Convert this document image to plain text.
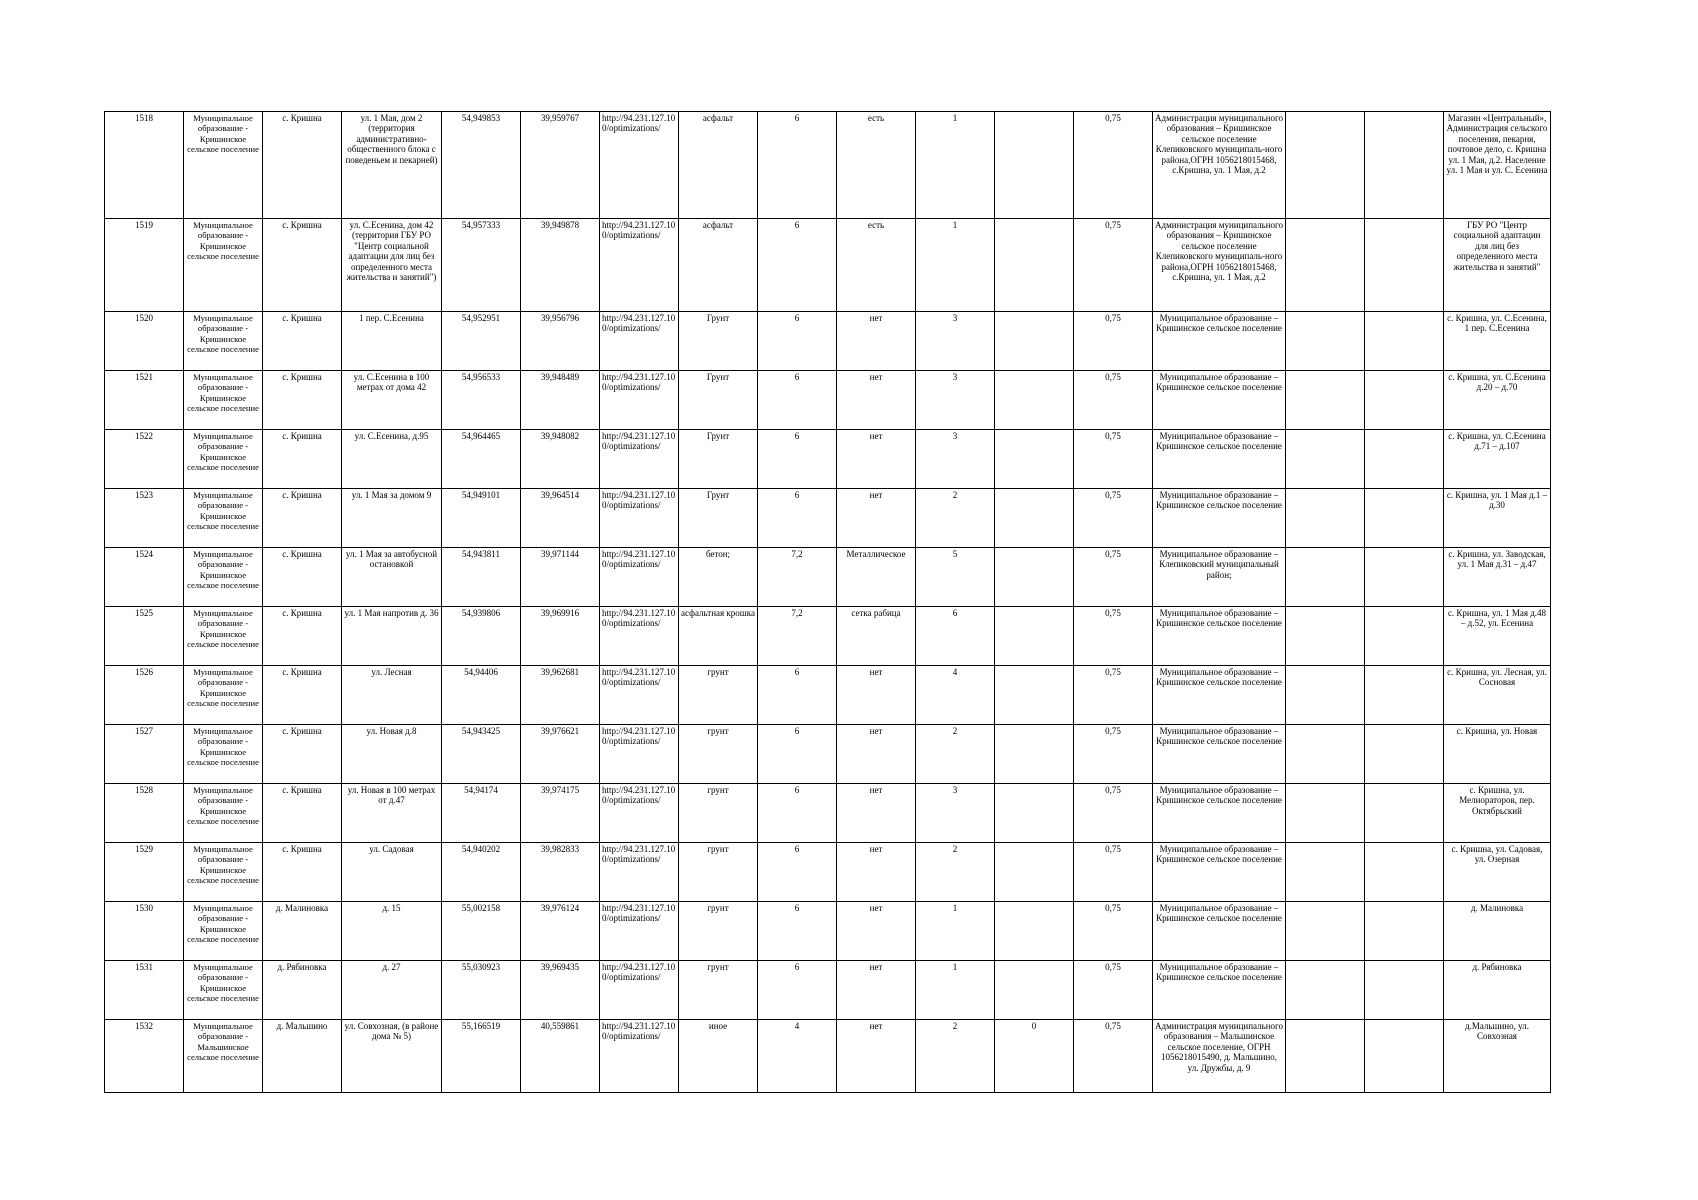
1518	Муниципальное образование - Кришинское сельское поселение	с. Кришна	ул. 1 Мая, дом 2 (территория административно-общественного блока с поведеньем и пекарней)	54,949853	39,959767	http://94.231.127.100/optimizations/	асфальт	6	есть	1		0,75	Администрация муниципального образования – Кришинское сельское поселение Клепиковского муниципаль-ного района,ОГРН 1056218015468, с.Кришна, ул. 1 Мая, д.2			Магазин «Центральный», Администрация сельского поселения, пекарня, почтовое дело, с. Кришна ул. 1 Мая, д.2. Население ул. 1 Мая и ул. С. Есенина
1519	Муниципальное образование - Кришинское сельское поселение	с. Кришна	ул. С.Есенина, дом 42 (территория ГБУ РО "Центр социальной адаптации для лиц без определенного места жительства и занятий")	54,957333	39,949878	http://94.231.127.100/optimizations/	асфальт	6	есть	1		0,75	Администрация муниципального образования – Кришинское сельское поселение Клепиковского муниципаль-ного района,ОГРН 1056218015468, с.Кришна, ул. 1 Мая, д.2			ГБУ РО "Центр социальной адаптации для лиц без определенного места жительства и занятий"
1520	Муниципальное образование - Кришинское сельское поселение	с. Кришна	1 пер. С.Есенина	54,952951	39,956796	http://94.231.127.100/optimizations/	Грунт	6	нет	3		0,75	Муниципальное образование – Кришинское сельское поселение			с. Кришна, ул. С.Есенина, 1 пер. С.Есенина
1521	Муниципальное образование - Кришинское сельское поселение	с. Кришна	ул. С.Есенина в 100 метрах от дома 42	54,956533	39,948489	http://94.231.127.100/optimizations/	Грунт	6	нет	3		0,75	Муниципальное образование – Кришинское сельское поселение			с. Кришна, ул. С.Есенина д.20 – д.70
1522	Муниципальное образование - Кришинское сельское поселение	с. Кришна	ул. С.Есенина, д.95	54,964465	39,948082	http://94.231.127.100/optimizations/	Грунт	6	нет	3		0,75	Муниципальное образование – Кришинское сельское поселение			с. Кришна, ул. С.Есенина д.71 – д.107
1523	Муниципальное образование - Кришинское сельское поселение	с. Кришна	ул. 1 Мая за домом 9	54,949101	39,964514	http://94.231.127.100/optimizations/	Грунт	6	нет	2		0,75	Муниципальное образование – Кришинское сельское поселение			с. Кришна, ул. 1 Мая д.1 – д.30
1524	Муниципальное образование - Кришинское сельское поселение	с. Кришна	ул. 1 Мая за автобусной остановкой	54,943811	39,971144	http://94.231.127.100/optimizations/	бетон;	7,2	Металлическое	5		0,75	Муниципальное образование – Клепиковский муниципальный район;			с. Кришна, ул. Заводская, ул. 1 Мая д.31 – д.47
1525	Муниципальное образование - Кришинское сельское поселение	с. Кришна	ул. 1 Мая напротив д. 36	54,939806	39,969916	http://94.231.127.100/optimizations/	асфальтная крошка	7,2	сетка рабица	6		0,75	Муниципальное образование – Кришинское сельское поселение			с. Кришна, ул. 1 Мая д.48 – д.52, ул. Есенина
1526	Муниципальное образование - Кришинское сельское поселение	с. Кришна	ул. Лесная	54,94406	39,962681	http://94.231.127.100/optimizations/	грунт	6	нет	4		0,75	Муниципальное образование – Кришинское сельское поселение			с. Кришна, ул. Лесная, ул. Сосновая
1527	Муниципальное образование - Кришинское сельское поселение	с. Кришна	ул. Новая д.8	54,943425	39,976621	http://94.231.127.100/optimizations/	грунт	6	нет	2		0,75	Муниципальное образование – Кришинское сельское поселение			с. Кришна, ул. Новая
1528	Муниципальное образование - Кришинское сельское поселение	с. Кришна	ул. Новая в 100 метрах от д.47	54,94174	39,974175	http://94.231.127.100/optimizations/	грунт	6	нет	3		0,75	Муниципальное образование – Кришинское сельское поселение			с. Кришна, ул. Мелиораторов, пер. Октябрьский
1529	Муниципальное образование - Кришинское сельское поселение	с. Кришна	ул. Садовая	54,940202	39,982833	http://94.231.127.100/optimizations/	грунт	6	нет	2		0,75	Муниципальное образование – Кришинское сельское поселение			с. Кришна, ул. Садовая, ул. Озерная
1530	Муниципальное образование - Кришинское сельское поселение	д. Малиновка	д. 15	55,002158	39,976124	http://94.231.127.100/optimizations/	грунт	6	нет	1		0,75	Муниципальное образование – Кришинское сельское поселение			д. Малиновка
1531	Муниципальное образование - Кришинское сельское поселение	д. Рябиновка	д. 27	55,030923	39,969435	http://94.231.127.100/optimizations/	грунт	6	нет	1		0,75	Муниципальное образование – Кришинское сельское поселение			д. Рябиновка
1532	Муниципальное образование - Мальшинское сельское поселение	д. Мальшино	ул. Совхозная, (в районе дома № 5)	55,166519	40,559861	http://94.231.127.100/optimizations/	иное	4	нет	2	0	0,75	Администрация муниципального образования – Мальшинское сельское поселение, ОГРН 1056218015490, д. Мальшино, ул. Дружбы, д. 9			д.Мальшино, ул. Совхозная
